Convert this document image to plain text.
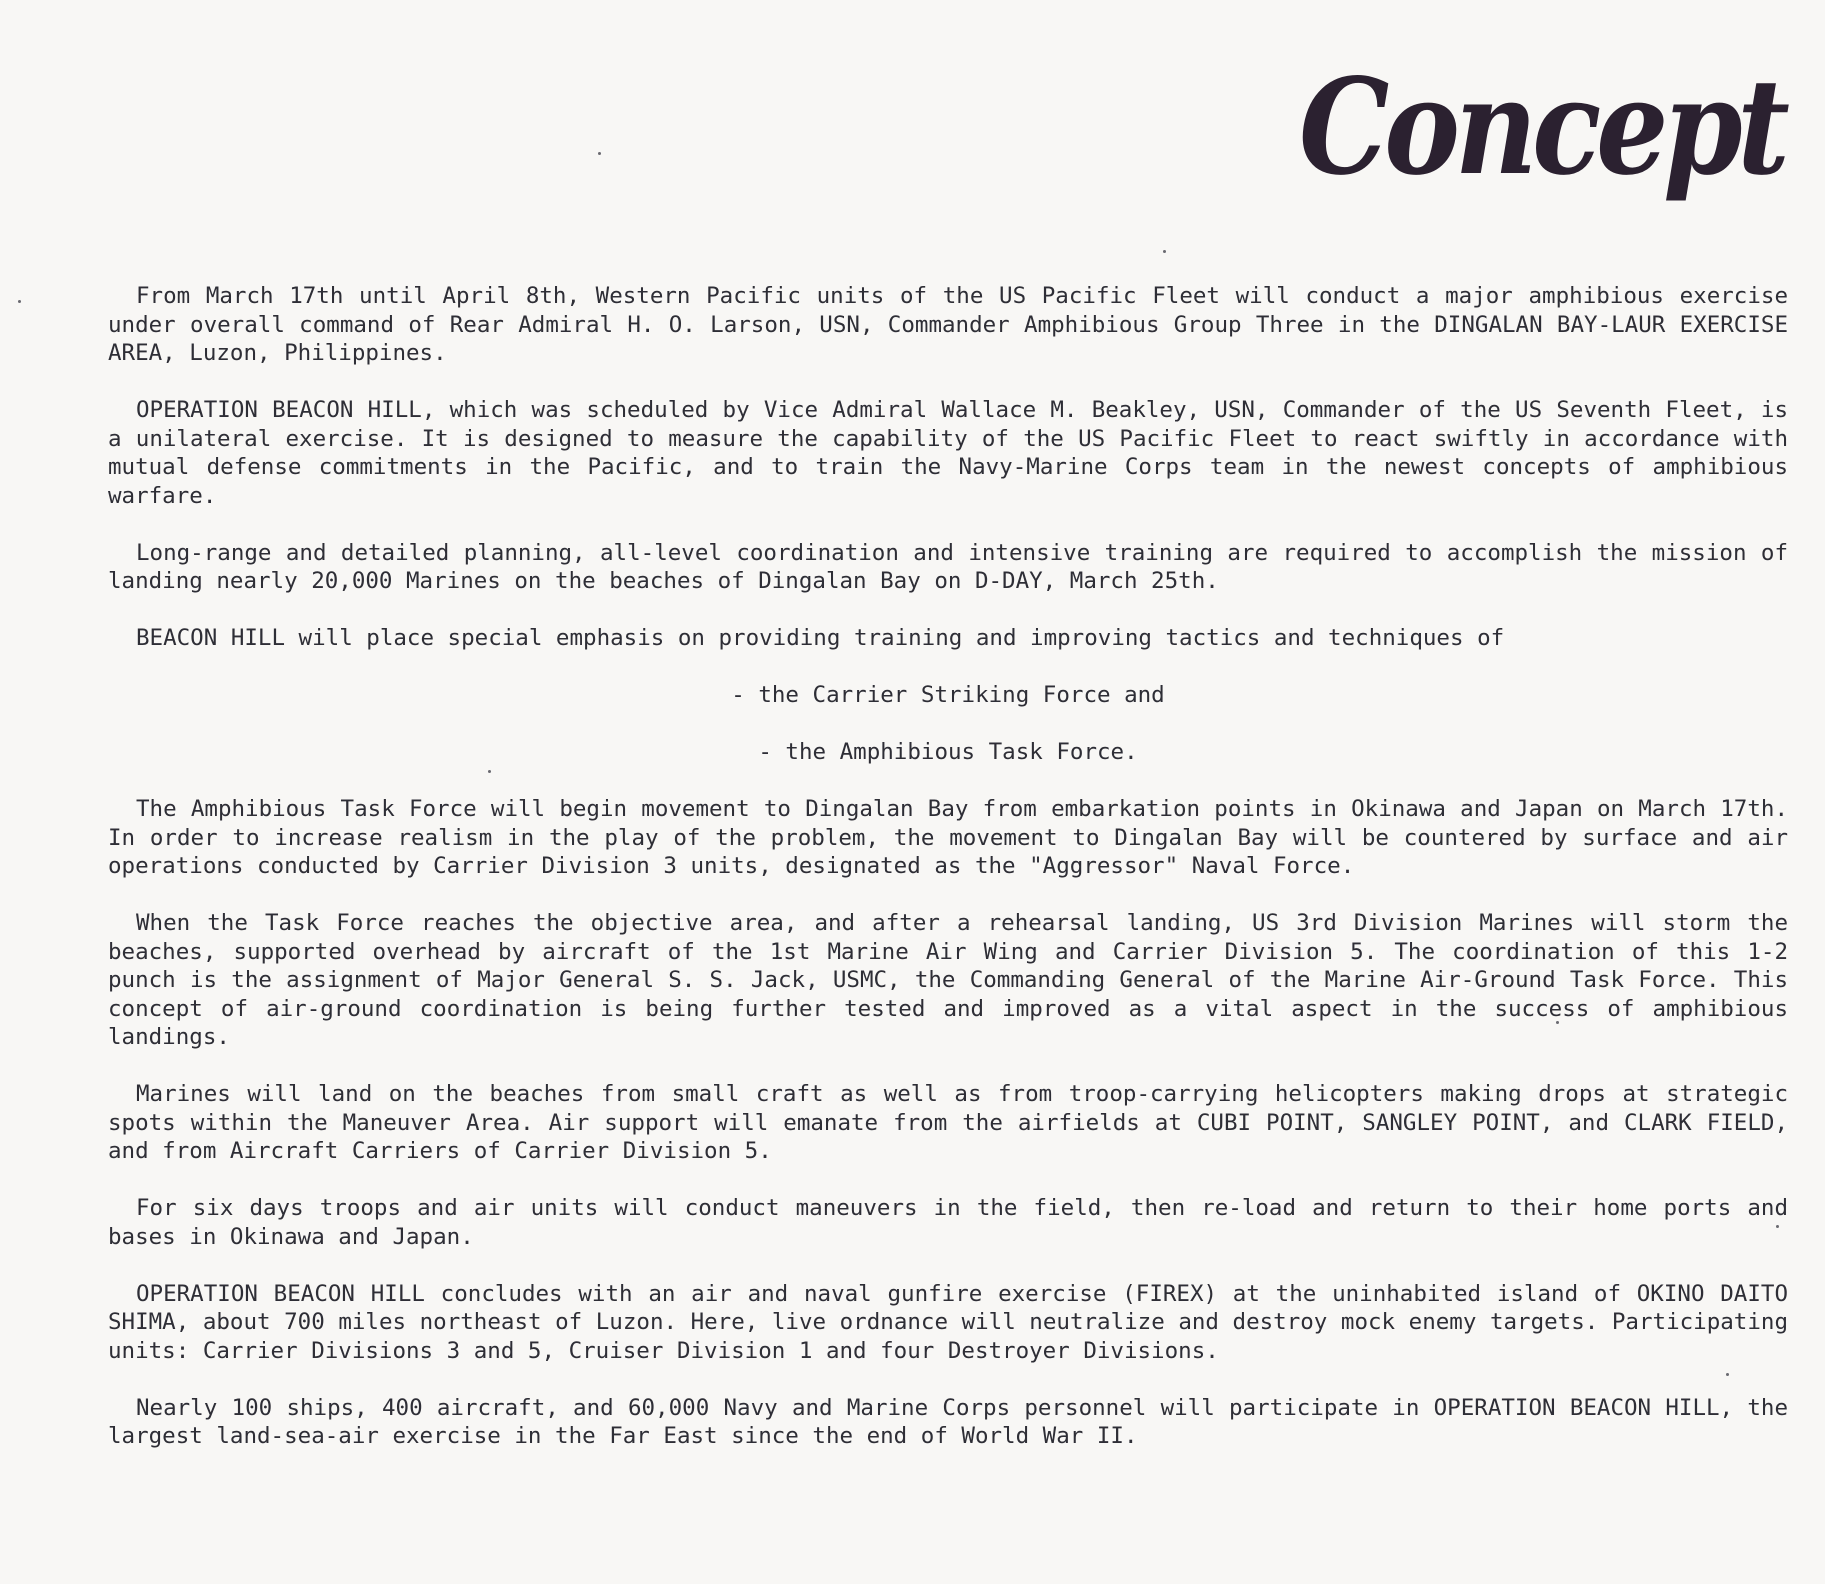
Concept

From March 17th until April 8th, Western Pacific units of the US Pacific Fleet will conduct a major amphibious exercise under overall command of Rear Admiral H. O. Larson, USN, Commander Amphibious Group Three in the DINGALAN BAY-LAUR EXERCISE AREA, Luzon, Philippines.

OPERATION BEACON HILL, which was scheduled by Vice Admiral Wallace M. Beakley, USN, Commander of the US Seventh Fleet, is a unilateral exercise. It is designed to measure the capability of the US Pacific Fleet to react swiftly in accordance with mutual defense commitments in the Pacific, and to train the Navy-Marine Corps team in the newest concepts of amphibious warfare.

Long-range and detailed planning, all-level coordination and intensive training are required to accomplish the mission of landing nearly 20,000 Marines on the beaches of Dingalan Bay on D-DAY, March 25th.

BEACON HILL will place special emphasis on providing training and improving tactics and techniques of

- the Carrier Striking Force and

- the Amphibious Task Force.

The Amphibious Task Force will begin movement to Dingalan Bay from embarkation points in Okinawa and Japan on March 17th. In order to increase realism in the play of the problem, the movement to Dingalan Bay will be countered by surface and air operations conducted by Carrier Division 3 units, designated as the "Aggressor" Naval Force.

When the Task Force reaches the objective area, and after a rehearsal landing, US 3rd Division Marines will storm the beaches, supported overhead by aircraft of the 1st Marine Air Wing and Carrier Division 5. The coordination of this 1-2 punch is the assignment of Major General S. S. Jack, USMC, the Commanding General of the Marine Air-Ground Task Force. This concept of air-ground coordination is being further tested and improved as a vital aspect in the success of amphibious landings.

Marines will land on the beaches from small craft as well as from troop-carrying helicopters making drops at strategic spots within the Maneuver Area. Air support will emanate from the airfields at CUBI POINT, SANGLEY POINT, and CLARK FIELD, and from Aircraft Carriers of Carrier Division 5.

For six days troops and air units will conduct maneuvers in the field, then re-load and return to their home ports and bases in Okinawa and Japan.

OPERATION BEACON HILL concludes with an air and naval gunfire exercise (FIREX) at the uninhabited island of OKINO DAITO SHIMA, about 700 miles northeast of Luzon. Here, live ordnance will neutralize and destroy mock enemy targets. Participating units: Carrier Divisions 3 and 5, Cruiser Division 1 and four Destroyer Divisions.

Nearly 100 ships, 400 aircraft, and 60,000 Navy and Marine Corps personnel will participate in OPERATION BEACON HILL, the largest land-sea-air exercise in the Far East since the end of World War II.
